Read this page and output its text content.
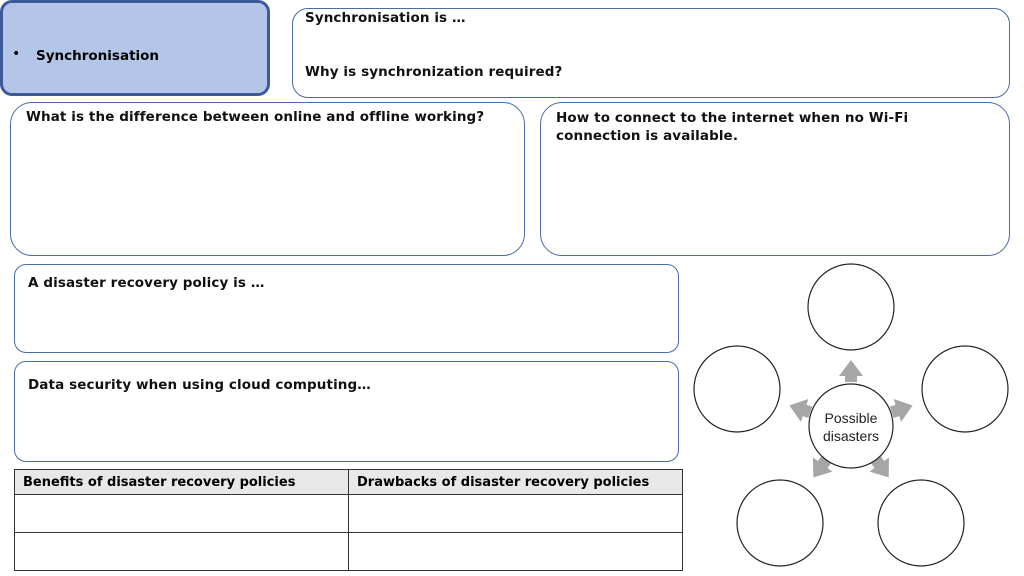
• Synchronisation
Synchronisation is …
Why is synchronization required?
What is the difference between online and offline working?	How to connect to the internet when no Wi-Fi connection is available.
A disaster recovery policy is …
Data security when using cloud computing…
Benefits of disaster recovery policies	Drawbacks of disaster recovery policies

Possible
disasters
